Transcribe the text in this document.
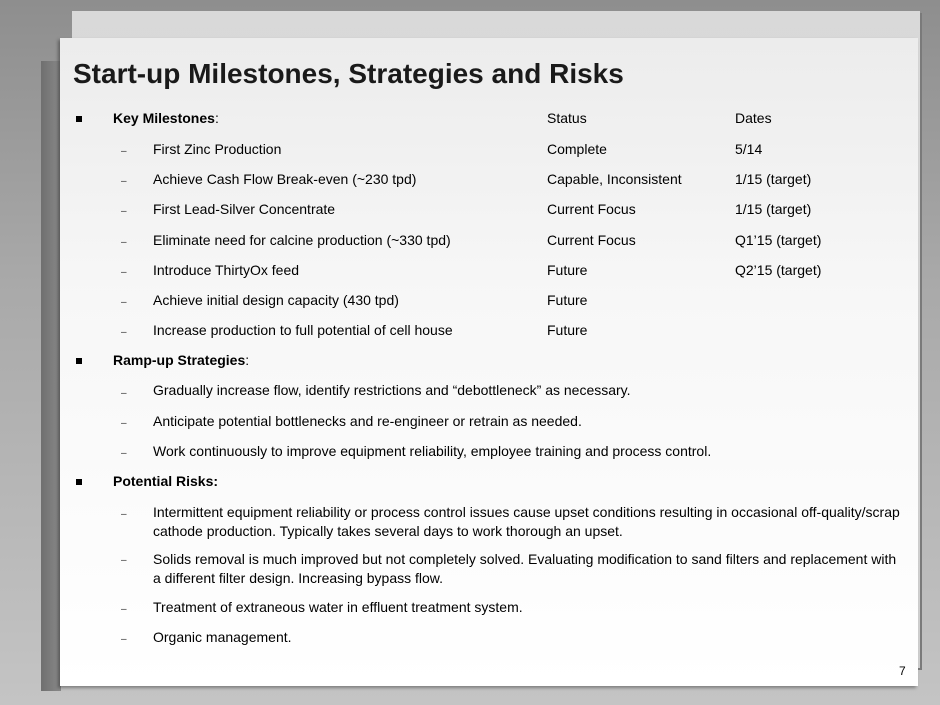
Start-up Milestones, Strategies and Risks
Key Milestones:	Status	Dates
– First Zinc Production	Complete	5/14
– Achieve Cash Flow Break-even (~230 tpd)	Capable, Inconsistent	1/15 (target)
– First Lead-Silver Concentrate	Current Focus	1/15 (target)
– Eliminate need for calcine production (~330 tpd)	Current Focus	Q1’15 (target)
– Introduce ThirtyOx feed	Future	Q2’15 (target)
– Achieve initial design capacity (430 tpd)	Future
– Increase production to full potential of cell house	Future
Ramp-up Strategies:
– Gradually increase flow, identify restrictions and “debottleneck” as necessary.
– Anticipate potential bottlenecks and re-engineer or retrain as needed.
– Work continuously to improve equipment reliability, employee training and process control.
Potential Risks:
– Intermittent equipment reliability or process control issues cause upset conditions resulting in occasional off-quality/scrap cathode production. Typically takes several days to work thorough an upset.
– Solids removal is much improved but not completely solved. Evaluating modification to sand filters and replacement with a different filter design. Increasing bypass flow.
– Treatment of extraneous water in effluent treatment system.
– Organic management.
7
